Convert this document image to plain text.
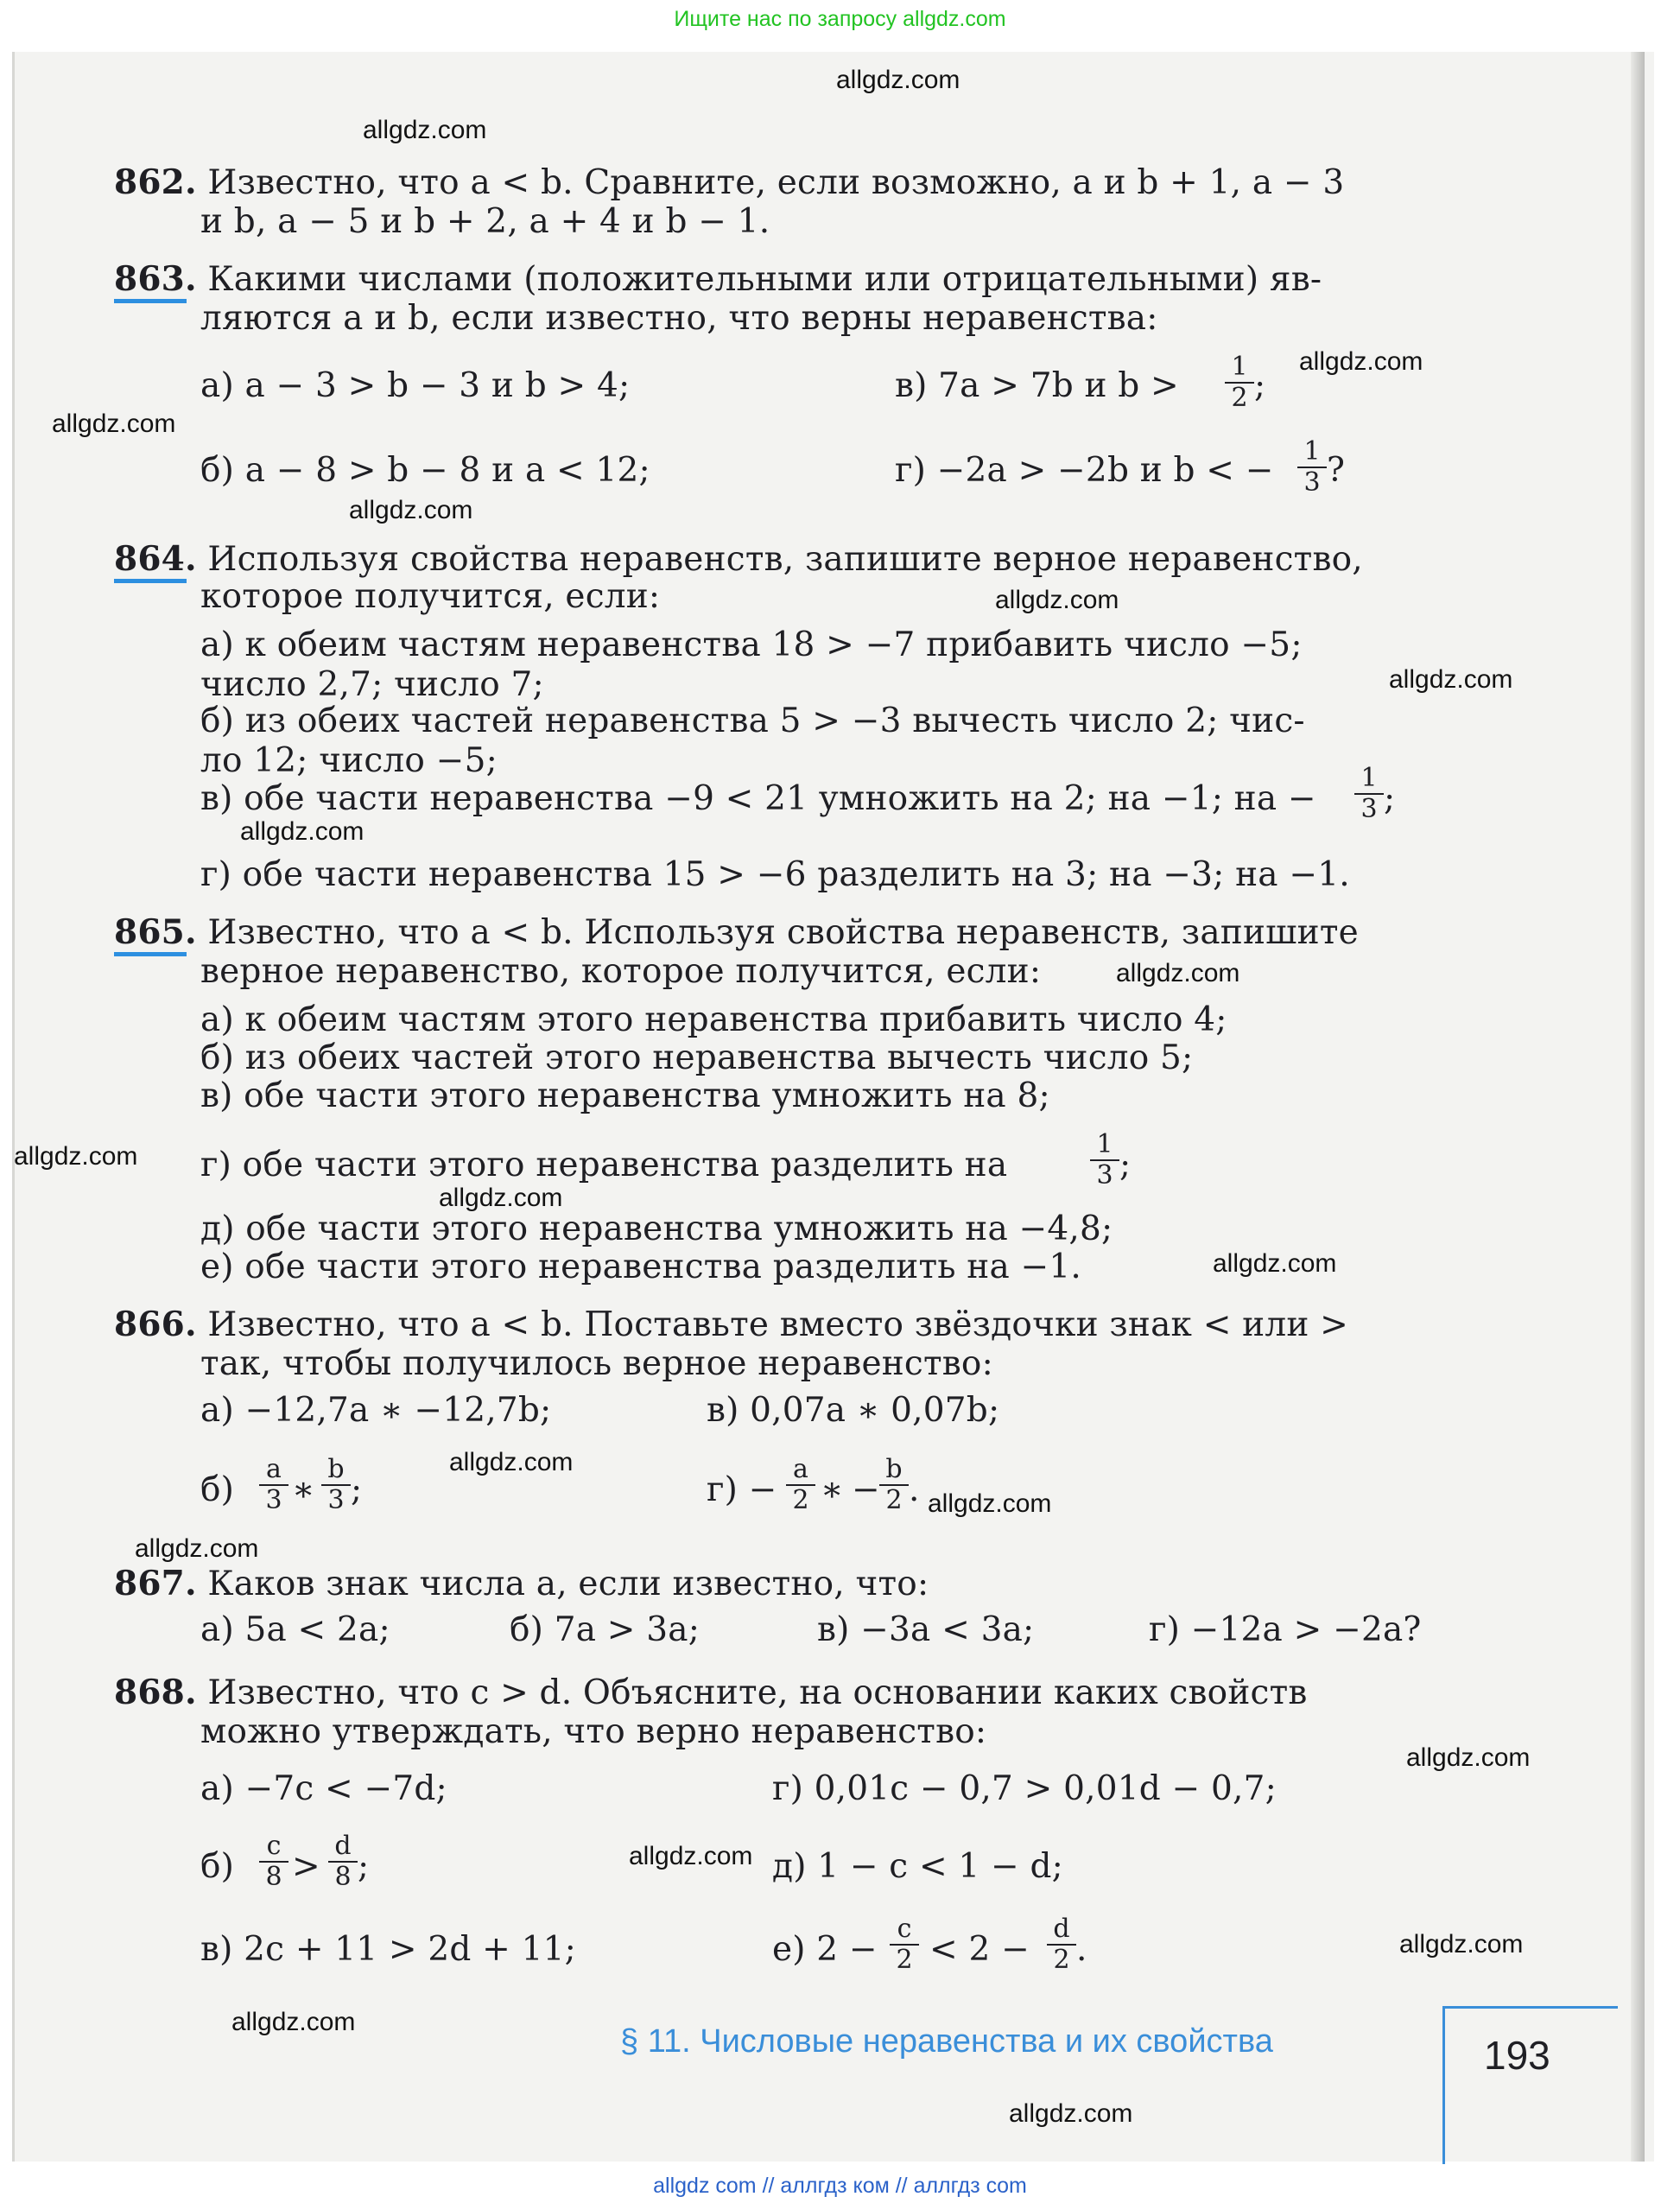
Ищите нас по запросу allgdz.com
allgdz.com
allgdz.com
allgdz.com
allgdz.com
allgdz.com
allgdz.com
allgdz.com
allgdz.com
allgdz.com
allgdz.com
allgdz.com
allgdz.com
allgdz.com
allgdz.com
allgdz.com
allgdz.com
allgdz.com
allgdz.com
allgdz.com
allgdz.com
862. Известно, что a < b. Сравните, если возможно, a и b + 1, a − 3
и b, a − 5 и b + 2, a + 4 и b − 1.
863. Какими числами (положительными или отрицательными) яв-
ляются a и b, если известно, что верны неравенства:
а) a − 3 > b − 3 и b > 4;	в) 7a > 7b и $b > \frac{1}{2}$ ;
б) a − 8 > b − 8 и a < 12;	г) −2a > −2b и b < − $\frac{1}{3}$ ?
864. Используя свойства неравенств, запишите верное неравенство,
которое получится, если:
а) к обеим частям неравенства 18 > −7 прибавить число −5;
число 2,7; число 7;
б) из обеих частей неравенства 5 > −3 вычесть число 2; чис-
ло 12; число −5;
в) обе части неравенства −9 < 21 умножить на 2; на −1; на − $\frac{1}{3}$ ;
г) обе части неравенства 15 > −6 разделить на 3; на −3; на −1.
865. Известно, что a < b. Используя свойства неравенств, запишите
верное неравенство, которое получится, если:
а) к обеим частям этого неравенства прибавить число 4;
б) из обеих частей этого неравенства вычесть число 5;
в) обе части этого неравенства умножить на 8;
г) обе части этого неравенства разделить на	$\frac{1}{3}$ ;
д) обе части этого неравенства умножить на −4,8;
е) обе части этого неравенства разделить на −1.
866. Известно, что a < b. Поставьте вместо звёздочки знак < или >
так, чтобы получилось верное неравенство:
а) −12,7a ∗ −12,7b;	в) 0,07a ∗ 0,07b;
$б) \frac{a}{3}$ ∗ $\frac{b}{3}$ ;	$г) - \frac{a}{2}$ ∗ − $\frac{b}{2}$ .
867. Каков знак числа a, если известно, что:
а) 5a < 2a;	б) 7a > 3a;	в) −3a < 3a;	г) −12a > −2a?
868. Известно, что c > d. Объясните, на основании каких свойств
можно утверждать, что верно неравенство:
а) −7c < −7d;	г) 0,01c − 0,7 > 0,01d − 0,7;
$б) \frac{c}{8} > \frac{d}{8}$ ;	д) 1 − c < 1 − d;
в) 2c + 11 > 2d + 11;	е) $2 - \frac{c}{2} < 2 - \frac{d}{2}$ .
§ 11. Числовые неравенства и их свойства	193
allgdz com // аллгдз ком // аллгдз com
